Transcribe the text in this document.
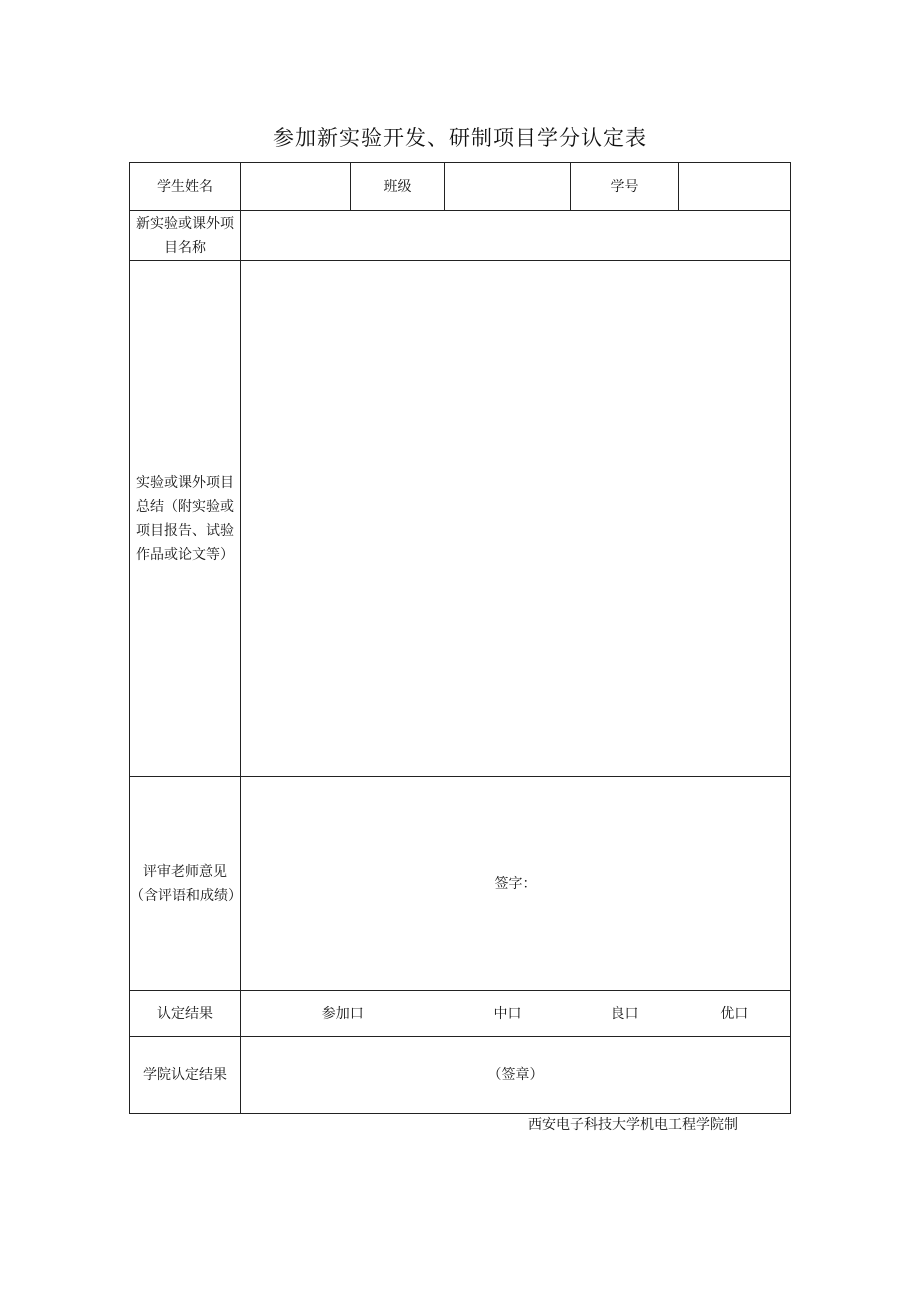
参加新实验开发、研制项目学分认定表
学生姓名		班级		学号	
新实验或课外项目名称					
实验或课外项目总结（附实验或项目报告、试验作品或论文等）					
评审老师意见（含评语和成绩）	签字：				
认定结果	参加口		中口	良口	优口
学院认定结果	（签章）				
西安电子科技大学机电工程学院制
